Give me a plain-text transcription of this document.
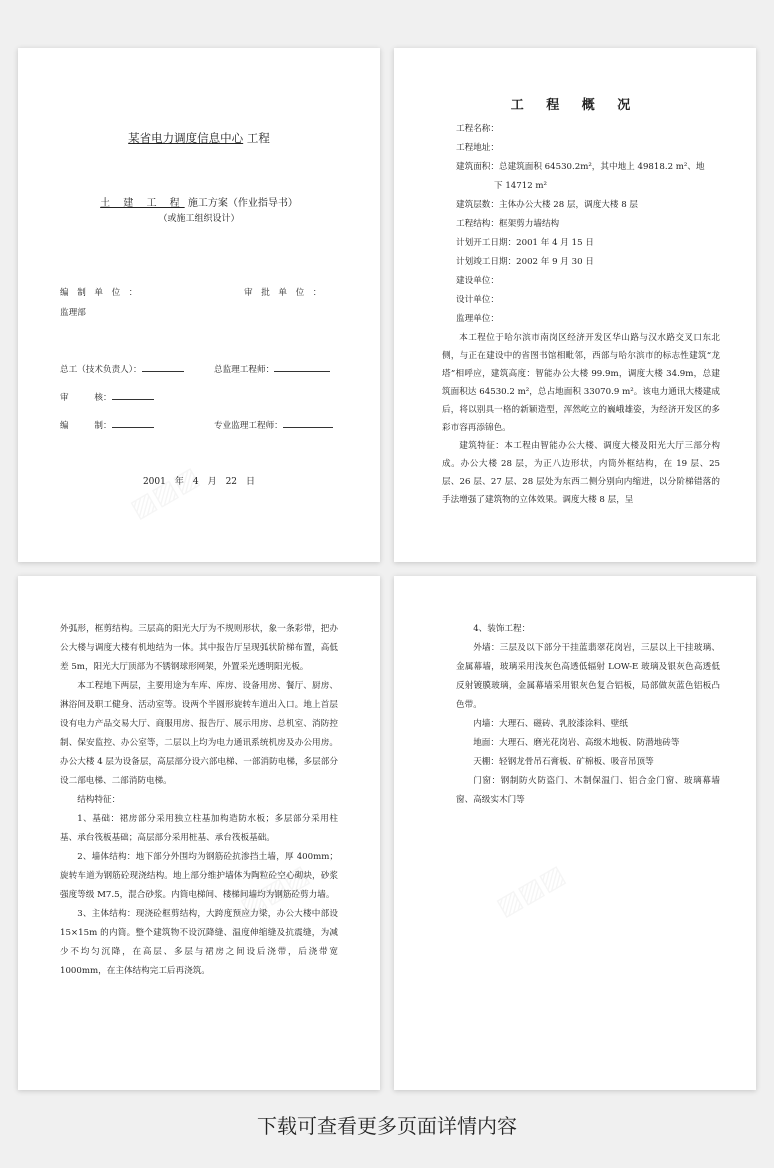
某省电力调度信息中心 工程
土 建 工 程 施工方案（作业指导书）
（或施工组织设计）
编　制　单　位　：	审　批　单　位　：
监理部
总工（技术负责人）：	总监理工程师：
审　　　核：
编　　　制：	专业监理工程师：
2001　年　4　月　22　日
工 程 概 况
工程名称：
工程地址：
建筑面积：总建筑面积 64530.2m²，其中地上 49818.2 m²、地
下 14712 m²
建筑层数：主体办公大楼 28 层，调度大楼 8 层
工程结构：框架剪力墙结构
计划开工日期：2001 年 4 月 15 日
计划竣工日期：2002 年 9 月 30 日
建设单位：
设计单位：
监理单位：

本工程位于哈尔滨市南岗区经济开发区华山路与汉水路交叉口东北侧，与正在建设中的省图书馆相毗邻，西部与哈尔滨市的标志性建筑“龙塔”相呼应，建筑高度：智能办公大楼 99.9m，调度大楼 34.9m，总建筑面积达 64530.2 m²，总占地面积 33070.9 m²。该电力通讯大楼建成后，将以别具一格的新颖造型，浑然屹立的巍峨雄姿，为经济开发区的多彩市容再添锦色。

建筑特征：本工程由智能办公大楼、调度大楼及阳光大厅三部分构成。办公大楼 28 层，为正八边形状，内筒外框结构，在 19 层、25 层、26 层、27 层、28 层处为东西二侧分别向内缩进，以分阶梯错落的手法增强了建筑物的立体效果。调度大楼 8 层，呈

外弧形，框剪结构。三层高的阳光大厅为不规则形状，象一条彩带，把办公大楼与调度大楼有机地结为一体。其中报告厅呈现弧状阶梯布置，高低差 5m，阳光大厅顶部为不锈钢球形网架，外置采光透明阳光板。

本工程地下两层，主要用途为车库、库房、设备用房、餐厅、厨房、淋浴间及职工健身、活动室等。设两个半圆形旋转车道出入口。地上首层设有电力产品交易大厅、商服用房、报告厅、展示用房、总机室、消防控制、保安监控、办公室等，二层以上均为电力通讯系统机房及办公用房。办公大楼 4 层为设备层，高层部分设六部电梯、一部消防电梯，多层部分设二部电梯、二部消防电梯。

结构特征：

1、基础：裙房部分采用独立柱基加构造防水板；多层部分采用柱基、承台筏板基础；高层部分采用桩基、承台筏板基础。

2、墙体结构：地下部分外围均为钢筋砼抗渗挡土墙，厚 400mm；旋转车道为钢筋砼现浇结构。地上部分维护墙体为陶粒砼空心砌块，砂浆强度等级 M7.5，混合砂浆。内筒电梯间、楼梯间墙均为钢筋砼剪力墙。

3、主体结构：现浇砼框剪结构，大跨度预应力梁，办公大楼中部设 15×15m 的内筒。整个建筑物不设沉降缝、温度伸缩缝及抗震缝，为减少不均匀沉降，在高层、多层与裙房之间设后浇带，后浇带宽 1000mm，在主体结构完工后再浇筑。

4、装饰工程：

外墙：三层及以下部分干挂蓝翡翠花岗岩，三层以上干挂玻璃、金属幕墙，玻璃采用浅灰色高透低辐射 LOW-E 玻璃及银灰色高透低反射镀膜玻璃，金属幕墙采用银灰色复合铝板，局部做灰蓝色铝板凸色带。

内墙：大理石、磁砖、乳胶漆涂料、壁纸

地面：大理石、磨光花岗岩、高级木地板、防潜地砖等

天棚：轻钢龙骨吊石膏板、矿棉板、吸音吊顶等

门窗：钢制防火防盗门、木制保温门、铝合金门窗、玻璃幕墙窗、高级实木门等

下载可查看更多页面详情内容
